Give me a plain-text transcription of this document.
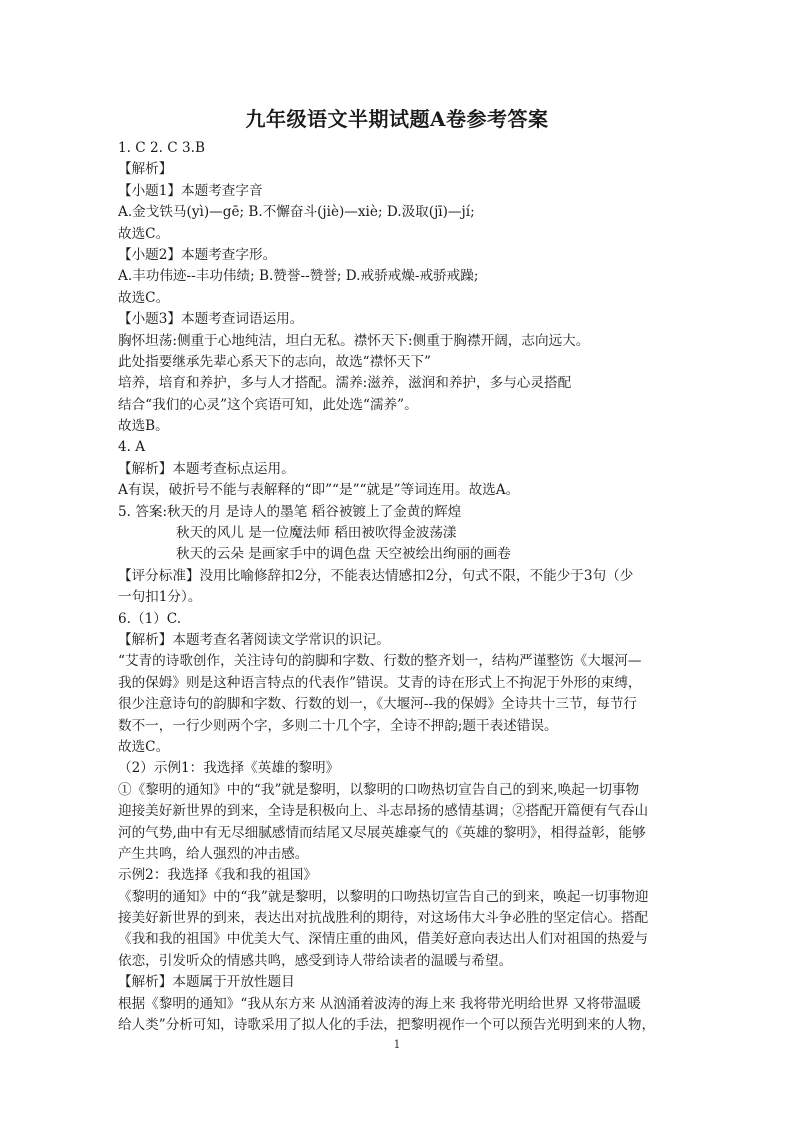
九年级语文半期试题A卷参考答案
1. C 2. C 3.B
【解析】
【小题1】本题考查字音
A.金戈铁马(yì)—gē; B.不懈奋斗(jiè)—xiè; D.汲取(jī)—jí;
故选C。
【小题2】本题考查字形。
A.丰功伟迹--丰功伟绩; B.赞誉--赞誉; D.戒骄戒燥-戒骄戒躁;
故选C。
【小题3】本题考查词语运用。
胸怀坦荡:侧重于心地纯洁，坦白无私。襟怀天下:侧重于胸襟开阔，志向远大。
此处指要继承先辈心系天下的志向，故选“襟怀天下”
培养，培育和养护，多与人才搭配。濡养:滋养，滋润和养护，多与心灵搭配
结合“我们的心灵”这个宾语可知，此处选“濡养”。
故选B。
4. A
【解析】本题考查标点运用。
A有误，破折号不能与表解释的“即”“是”“就是”等词连用。故选A。
5. 答案:秋天的月 是诗人的墨笔 稻谷被镀上了金黄的辉煌
秋天的风儿 是一位魔法师 稻田被吹得金波荡漾
秋天的云朵 是画家手中的调色盘 天空被绘出绚丽的画卷
【评分标准】没用比喻修辞扣2分，不能表达情感扣2分，句式不限，不能少于3句（少
一句扣1分）。
6.（1）C.
【解析】本题考查名著阅读文学常识的识记。
“艾青的诗歌创作，关注诗句的韵脚和字数、行数的整齐划一，结构严谨整饬《大堰河—
我的保姆》则是这种语言特点的代表作”错误。艾青的诗在形式上不拘泥于外形的束缚，
很少注意诗句的韵脚和字数、行数的划一，《大堰河--我的保姆》全诗共十三节，每节行
数不一，一行少则两个字，多则二十几个字，全诗不押韵;题干表述错误。
故选C。
（2）示例1：我选择《英雄的黎明》
①《黎明的通知》中的“我”就是黎明，以黎明的口吻热切宣告自己的到来,唤起一切事物
迎接美好新世界的到来，全诗是积极向上、斗志昂扬的感情基调；②搭配开篇便有气吞山
河的气势,曲中有无尽细腻感情而结尾又尽展英雄豪气的《英雄的黎明》，相得益彰，能够
产生共鸣，给人强烈的冲击感。
示例2：我选择《我和我的祖国》
《黎明的通知》中的“我”就是黎明，以黎明的口吻热切宣告自己的到来，唤起一切事物迎
接美好新世界的到来，表达出对抗战胜利的期待，对这场伟大斗争必胜的坚定信心。搭配
《我和我的祖国》中优美大气、深情庄重的曲风，借美好意向表达出人们对祖国的热爱与
依恋，引发听众的情感共鸣，感受到诗人带给读者的温暖与希望。
【解析】本题属于开放性题目
根据《黎明的通知》“我从东方来 从汹涌着波涛的海上来 我将带光明给世界 又将带温暖
给人类”分析可知，诗歌采用了拟人化的手法，把黎明视作一个可以预告光明到来的人物，
1
